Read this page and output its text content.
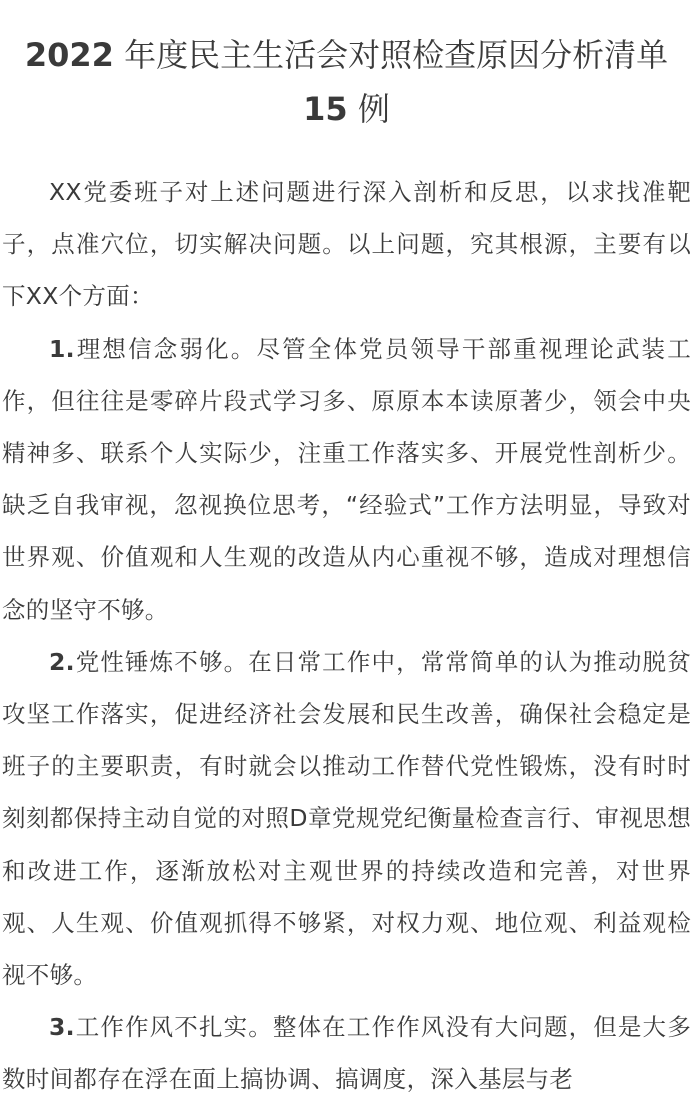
2022 年度民主生活会对照检查原因分析清单 15 例

XX党委班子对上述问题进行深入剖析和反思，以求找准靶子，点准穴位，切实解决问题。以上问题，究其根源，主要有以下XX个方面：

1.理想信念弱化。尽管全体党员领导干部重视理论武装工作，但往往是零碎片段式学习多、原原本本读原著少，领会中央精神多、联系个人实际少，注重工作落实多、开展党性剖析少。缺乏自我审视，忽视换位思考，“经验式”工作方法明显，导致对世界观、价值观和人生观的改造从内心重视不够，造成对理想信念的坚守不够。

2.党性锤炼不够。在日常工作中，常常简单的认为推动脱贫攻坚工作落实，促进经济社会发展和民生改善，确保社会稳定是班子的主要职责，有时就会以推动工作替代党性锻炼，没有时时刻刻都保持主动自觉的对照D章党规党纪衡量检查言行、审视思想和改进工作，逐渐放松对主观世界的持续改造和完善，对世界观、人生观、价值观抓得不够紧，对权力观、地位观、利益观检视不够。

3.工作作风不扎实。整体在工作作风没有大问题，但是大多数时间都存在浮在面上搞协调、搞调度，深入基层与老
